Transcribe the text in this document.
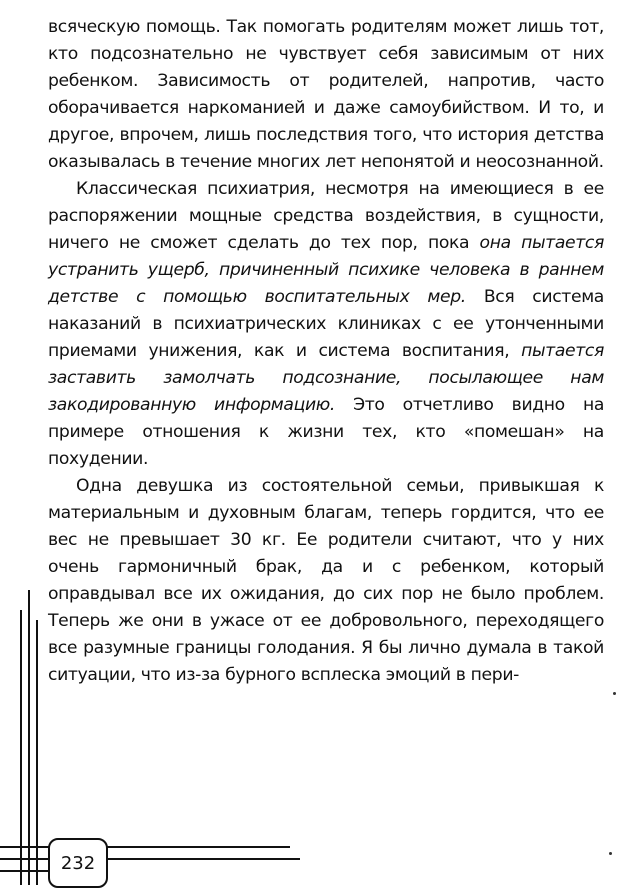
всяческую помощь. Так помогать родителям может лишь тот, кто подсознательно не чувствует себя зависимым от них ребенком. Зависимость от родителей, напротив, часто оборачивается наркоманией и даже самоубийством. И то, и другое, впрочем, лишь последствия того, что история детства оказывалась в течение многих лет непонятой и неосознанной.

Классическая психиатрия, несмотря на имеющиеся в ее распоряжении мощные средства воздействия, в сущности, ничего не сможет сделать до тех пор, пока она пытается устранить ущерб, причиненный психике человека в раннем детстве с помощью воспитательных мер. Вся система наказаний в психиатрических клиниках с ее утонченными приемами унижения, как и система воспитания, пытается заставить замолчать подсознание, посылающее нам закодированную информацию. Это отчетливо видно на примере отношения к жизни тех, кто «помешан» на похудении.

Одна девушка из состоятельной семьи, привыкшая к материальным и духовным благам, теперь гордится, что ее вес не превышает 30 кг. Ее родители считают, что у них очень гармоничный брак, да и с ребенком, который оправдывал все их ожидания, до сих пор не было проблем. Теперь же они в ужасе от ее добровольного, переходящего все разумные границы голодания. Я бы лично думала в такой ситуации, что из-за бурного всплеска эмоций в пери-

232
